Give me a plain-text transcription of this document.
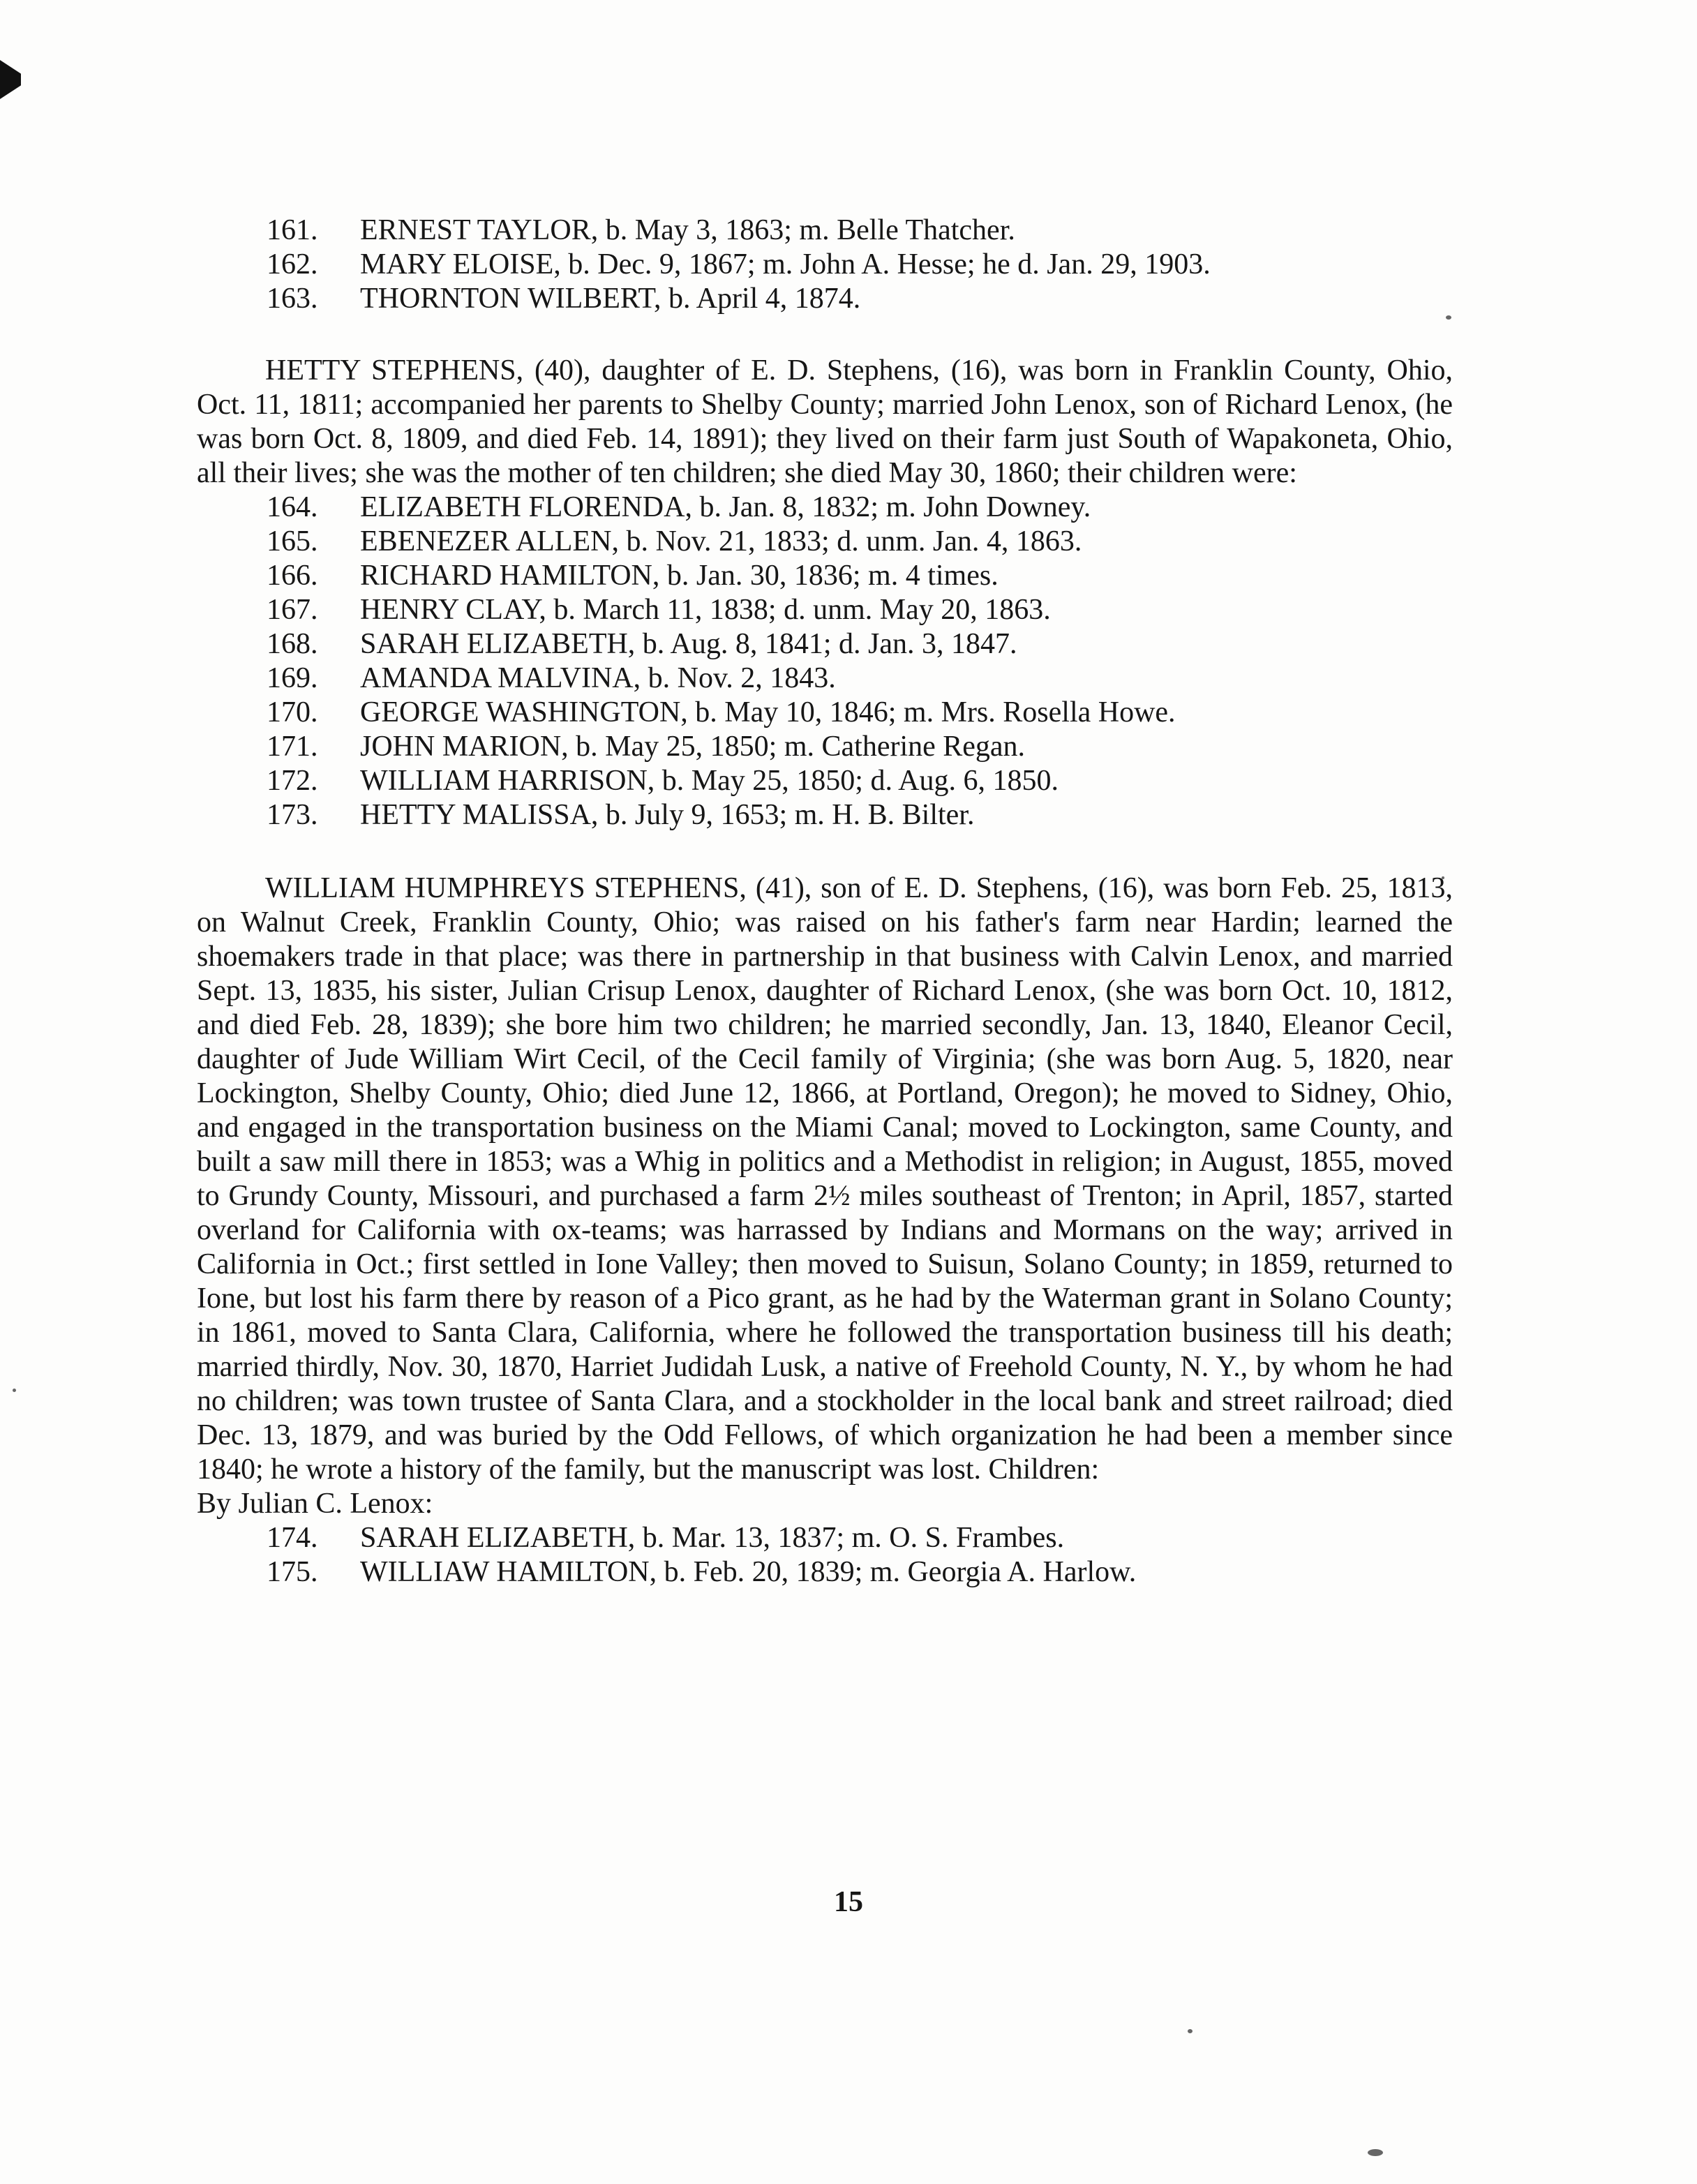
161.	ERNEST TAYLOR, b. May 3, 1863; m. Belle Thatcher.
162.	MARY ELOISE, b. Dec. 9, 1867; m. John A. Hesse; he d. Jan. 29, 1903.
163.	THORNTON WILBERT, b. April 4, 1874.

HETTY STEPHENS, (40), daughter of E. D. Stephens, (16), was born in Franklin County, Ohio, Oct. 11, 1811; accompanied her parents to Shelby County; married John Lenox, son of Richard Lenox, (he was born Oct. 8, 1809, and died Feb. 14, 1891); they lived on their farm just South of Wapakoneta, Ohio, all their lives; she was the mother of ten children; she died May 30, 1860; their children were:

164.	ELIZABETH FLORENDA, b. Jan. 8, 1832; m. John Downey.
165.	EBENEZER ALLEN, b. Nov. 21, 1833; d. unm. Jan. 4, 1863.
166.	RICHARD HAMILTON, b. Jan. 30, 1836; m. 4 times.
167.	HENRY CLAY, b. March 11, 1838; d. unm. May 20, 1863.
168.	SARAH ELIZABETH, b. Aug. 8, 1841; d. Jan. 3, 1847.
169.	AMANDA MALVINA, b. Nov. 2, 1843.
170.	GEORGE WASHINGTON, b. May 10, 1846; m. Mrs. Rosella Howe.
171.	JOHN MARION, b. May 25, 1850; m. Catherine Regan.
172.	WILLIAM HARRISON, b. May 25, 1850; d. Aug. 6, 1850.
173.	HETTY MALISSA, b. July 9, 1653; m. H. B. Bilter.

WILLIAM HUMPHREYS STEPHENS, (41), son of E. D. Stephens, (16), was born Feb. 25, 1813, on Walnut Creek, Franklin County, Ohio; was raised on his father's farm near Hardin; learned the shoemakers trade in that place; was there in partnership in that business with Calvin Lenox, and married Sept. 13, 1835, his sister, Julian Crisup Lenox, daughter of Richard Lenox, (she was born Oct. 10, 1812, and died Feb. 28, 1839); she bore him two children; he married secondly, Jan. 13, 1840, Eleanor Cecil, daughter of Jude William Wirt Cecil, of the Cecil family of Virginia; (she was born Aug. 5, 1820, near Lockington, Shelby County, Ohio; died June 12, 1866, at Portland, Oregon); he moved to Sidney, Ohio, and engaged in the transportation business on the Miami Canal; moved to Lockington, same County, and built a saw mill there in 1853; was a Whig in politics and a Methodist in religion; in August, 1855, moved to Grundy County, Missouri, and purchased a farm 2½ miles southeast of Trenton; in April, 1857, started overland for California with ox-teams; was harrassed by Indians and Mormans on the way; arrived in California in Oct.; first settled in Ione Valley; then moved to Suisun, Solano County; in 1859, returned to Ione, but lost his farm there by reason of a Pico grant, as he had by the Waterman grant in Solano County; in 1861, moved to Santa Clara, California, where he followed the transportation business till his death; married thirdly, Nov. 30, 1870, Harriet Judidah Lusk, a native of Freehold County, N. Y., by whom he had no children; was town trustee of Santa Clara, and a stockholder in the local bank and street railroad; died Dec. 13, 1879, and was buried by the Odd Fellows, of which organization he had been a member since 1840; he wrote a history of the family, but the manuscript was lost. Children:

By Julian C. Lenox:

174.	SARAH ELIZABETH, b. Mar. 13, 1837; m. O. S. Frambes.
175.	WILLIAW HAMILTON, b. Feb. 20, 1839; m. Georgia A. Harlow.
15
